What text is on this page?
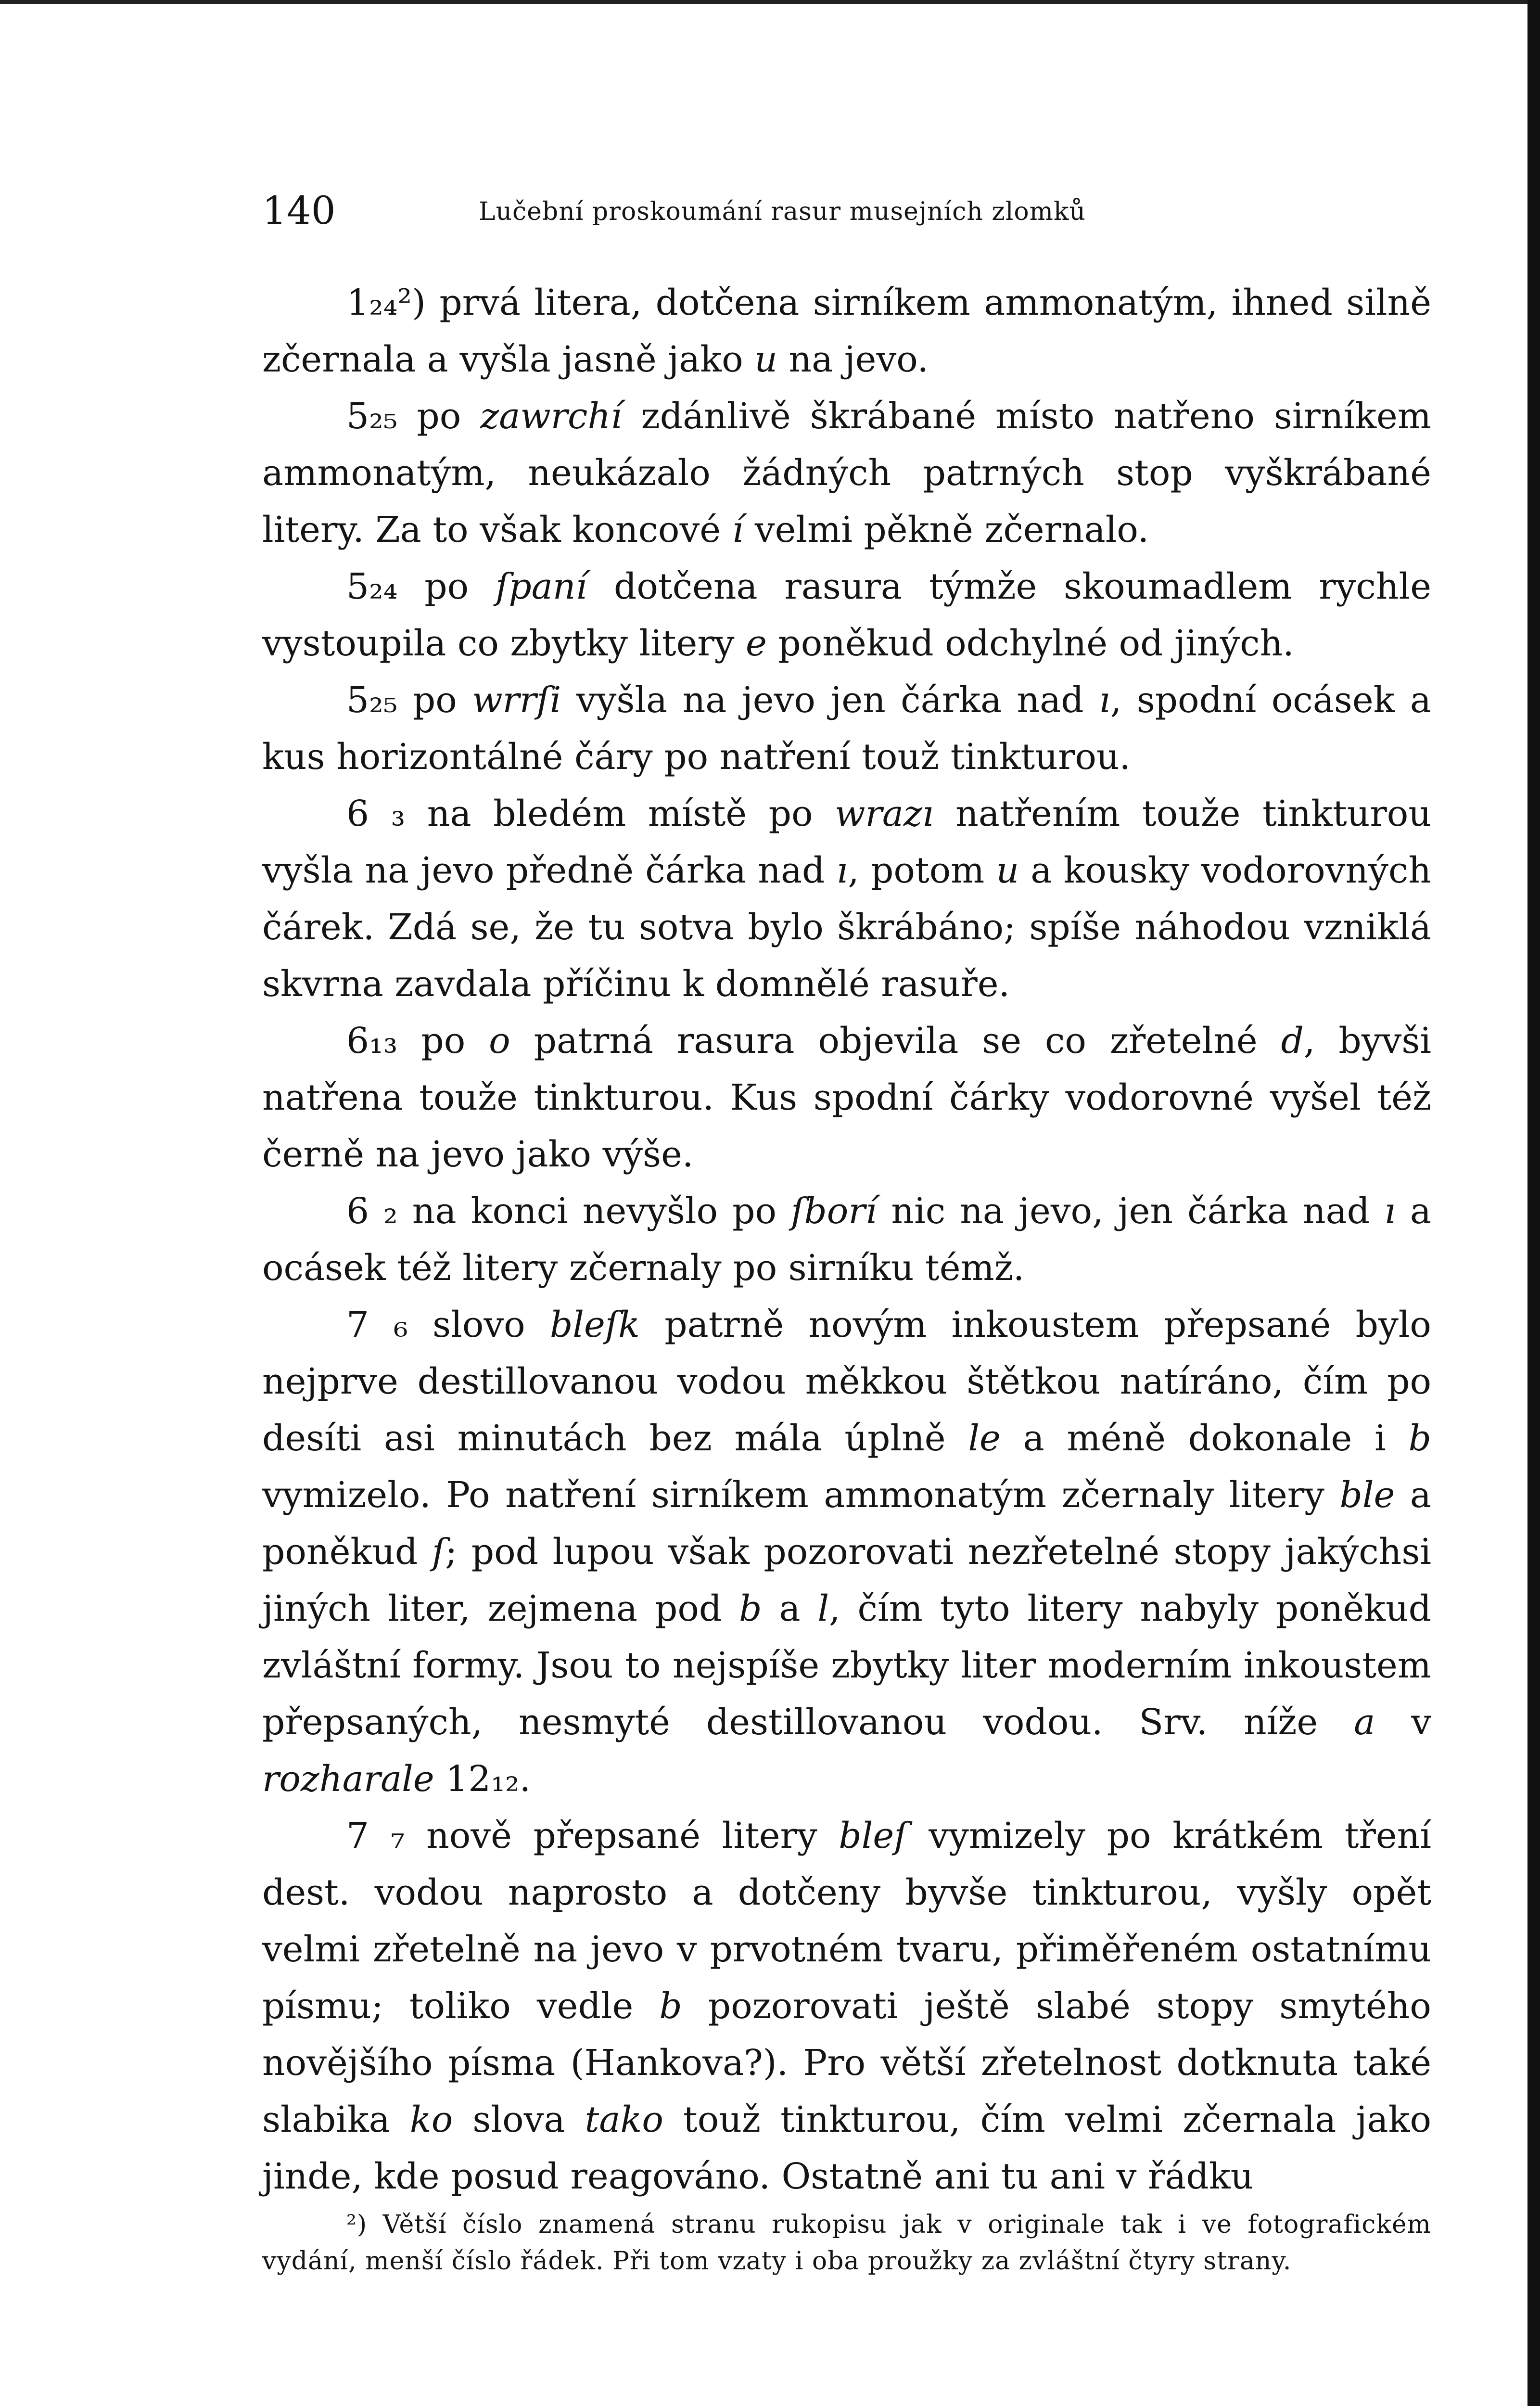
140	Lučební proskoumání rasur musejních zlomků

1₂₄²) prvá litera, dotčena sirníkem ammonatým, ihned silně zčernala a vyšla jasně jako u na jevo.

5₂₅ po zawrchí zdánlivě škrábané místo natřeno sirníkem ammonatým, neukázalo žádných patrných stop vyškrábané litery. Za to však koncové í velmi pěkně zčernalo.

5₂₄ po ſpaní dotčena rasura týmže skoumadlem rychle vystoupila co zbytky litery e poněkud odchylné od jiných.

5₂₅ po wrrſi vyšla na jevo jen čárka nad ı, spodní ocásek a kus horizontálné čáry po natření touž tinkturou.

6 ₃ na bledém místě po wrazı natřením touže tinkturou vyšla na jevo předně čárka nad ı, potom u a kousky vodorovných čárek. Zdá se, že tu sotva bylo škrábáno; spíše náhodou vzniklá skvrna zavdala příčinu k domnělé rasuře.

6₁₃ po o patrná rasura objevila se co zřetelné d, byvši natřena touže tinkturou. Kus spodní čárky vodorovné vyšel též černě na jevo jako výše.

6 ₂ na konci nevyšlo po ſborí nic na jevo, jen čárka nad ı a ocásek též litery zčernaly po sirníku témž.

7 ₆ slovo bleſk patrně novým inkoustem přepsané bylo nejprve destillovanou vodou měkkou štětkou natíráno, čím po desíti asi minutách bez mála úplně le a méně dokonale i b vymizelo. Po natření sirníkem ammonatým zčernaly litery ble a poněkud ſ; pod lupou však pozorovati nezřetelné stopy jakýchsi jiných liter, zejmena pod b a l, čím tyto litery nabyly poněkud zvláštní formy. Jsou to nejspíše zbytky liter moderním inkoustem přepsaných, nesmyté destillovanou vodou. Srv. níže a v rozharale 12₁₂.

7 ₇ nově přepsané litery bleſ vymizely po krátkém tření dest. vodou naprosto a dotčeny byvše tinkturou, vyšly opět velmi zřetelně na jevo v prvotném tvaru, přiměřeném ostatnímu písmu; toliko vedle b pozorovati ještě slabé stopy smytého novějšího písma (Hankova?). Pro větší zřetelnost dotknuta také slabika ko slova tako touž tinkturou, čím velmi zčernala jako jinde, kde posud reagováno. Ostatně ani tu ani v řádku

²) Větší číslo znamená stranu rukopisu jak v originale tak i ve fotografickém vydání, menší číslo řádek. Při tom vzaty i oba proužky za zvláštní čtyry strany.
